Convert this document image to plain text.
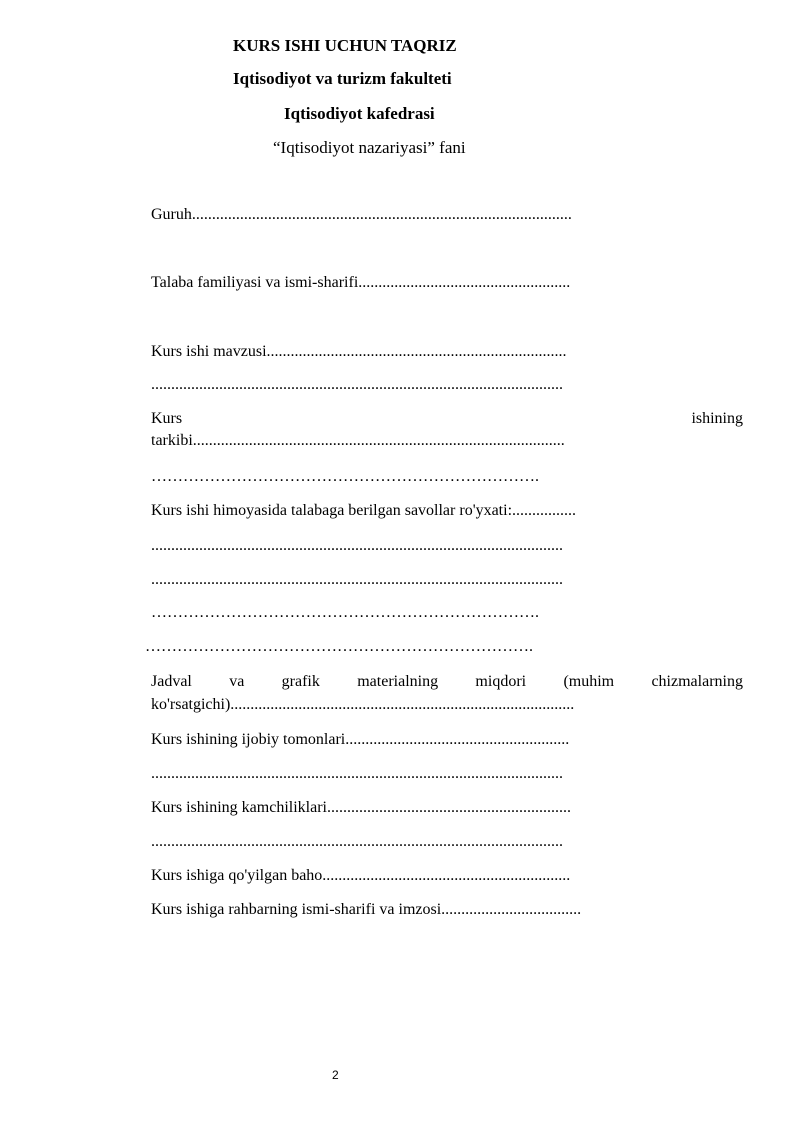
KURS ISHI UCHUN TAQRIZ
Iqtisodiyot va turizm fakulteti
Iqtisodiyot kafedrasi
“Iqtisodiyot nazariyasi” fani
Guruh...............................................................................................
Talaba familiyasi va ismi-sharifi.....................................................
Kurs ishi mavzusi...........................................................................
.......................................................................................................
Kurs	ishining
tarkibi.............................................................................................
……………………………………………………………….
Kurs ishi himoyasida talabaga berilgan savollar ro'yxati:................
.......................................................................................................
.......................................................................................................
……………………………………………………………….
……………………………………………………………….
Jadval va grafik materialning miqdori (muhim chizmalarning
ko'rsatgichi)......................................................................................
Kurs ishining ijobiy tomonlari........................................................
.......................................................................................................
Kurs ishining kamchiliklari.............................................................
.......................................................................................................
Kurs ishiga qo'yilgan baho..............................................................
Kurs ishiga rahbarning ismi-sharifi va imzosi...................................
2
